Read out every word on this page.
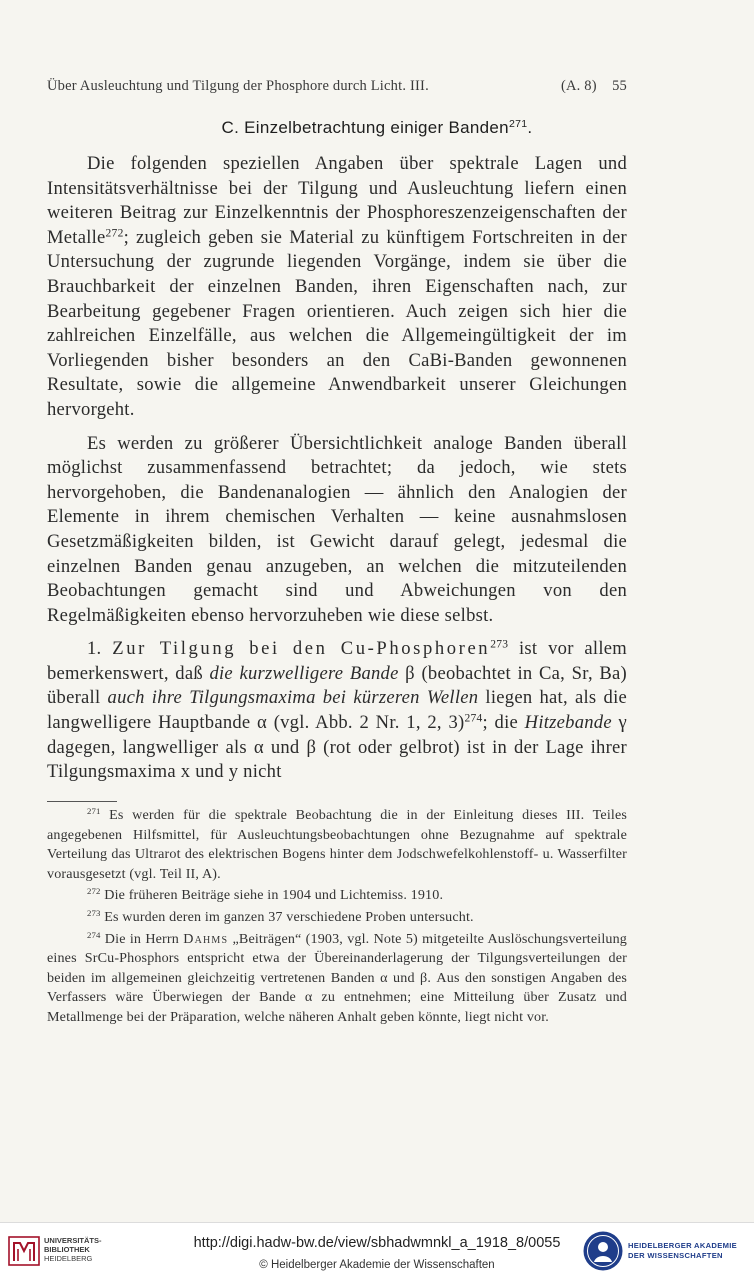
Über Ausleuchtung und Tilgung der Phosphore durch Licht. III.	(A. 8) 55
C. Einzelbetrachtung einiger Banden$^{271}$.

Die folgenden speziellen Angaben über spektrale Lagen und Intensitätsverhältnisse bei der Tilgung und Ausleuchtung liefern einen weiteren Beitrag zur Einzelkenntnis der Phosphoreszenzeigenschaften der Metalle$^{272}$; zugleich geben sie Material zu künftigem Fortschreiten in der Untersuchung der zugrunde liegenden Vorgänge, indem sie über die Brauchbarkeit der einzelnen Banden, ihren Eigenschaften nach, zur Bearbeitung gegebener Fragen orientieren. Auch zeigen sich hier die zahlreichen Einzelfälle, aus welchen die Allgemeingültigkeit der im Vorliegenden bisher besonders an den CaBi-Banden gewonnenen Resultate, sowie die allgemeine Anwendbarkeit unserer Gleichungen hervorgeht.

Es werden zu größerer Übersichtlichkeit analoge Banden überall möglichst zusammenfassend betrachtet; da jedoch, wie stets hervorgehoben, die Bandenanalogien — ähnlich den Analogien der Elemente in ihrem chemischen Verhalten — keine ausnahmslosen Gesetzmäßigkeiten bilden, ist Gewicht darauf gelegt, jedesmal die einzelnen Banden genau anzugeben, an welchen die mitzuteilenden Beobachtungen gemacht sind und Abweichungen von den Regelmäßigkeiten ebenso hervorzuheben wie diese selbst.

1. Zur Tilgung bei den Cu-Phosphoren$^{273}$ ist vor allem bemerkenswert, daß die kurzwelligere Bande β (beobachtet in Ca, Sr, Ba) überall auch ihre Tilgungsmaxima bei kürzeren Wellen liegen hat, als die langwelligere Hauptbande α (vgl. Abb. 2 Nr. 1, 2, 3)$^{274}$; die Hitzebande γ dagegen, langwelliger als α und β (rot oder gelbrot) ist in der Lage ihrer Tilgungsmaxima x und y nicht

$^{271}$ Es werden für die spektrale Beobachtung die in der Einleitung dieses III. Teiles angegebenen Hilfsmittel, für Ausleuchtungsbeobachtungen ohne Bezugnahme auf spektrale Verteilung das Ultrarot des elektrischen Bogens hinter dem Jodschwefelkohlenstoff- u. Wasserfilter vorausgesetzt (vgl. Teil II, A).

$^{272}$ Die früheren Beiträge siehe in 1904 und Lichtemiss. 1910.

$^{273}$ Es wurden deren im ganzen 37 verschiedene Proben untersucht.

$^{274}$ Die in Herrn Dahms „Beiträgen“ (1903, vgl. Note 5) mitgeteilte Auslöschungsverteilung eines SrCu-Phosphors entspricht etwa der Übereinanderlagerung der Tilgungsverteilungen der beiden im allgemeinen gleichzeitig vertretenen Banden α und β. Aus den sonstigen Angaben des Verfassers wäre Überwiegen der Bande α zu entnehmen; eine Mitteilung über Zusatz und Metallmenge bei der Präparation, welche näheren Anhalt geben könnte, liegt nicht vor.

UNIVERSITÄTS-
BIBLIOTHEK
HEIDELBERG
http://digi.hadw-bw.de/view/sbhadwmnkl_a_1918_8/0055
© Heidelberger Akademie der Wissenschaften
HEIDELBERGER AKADEMIE
DER WISSENSCHAFTEN
